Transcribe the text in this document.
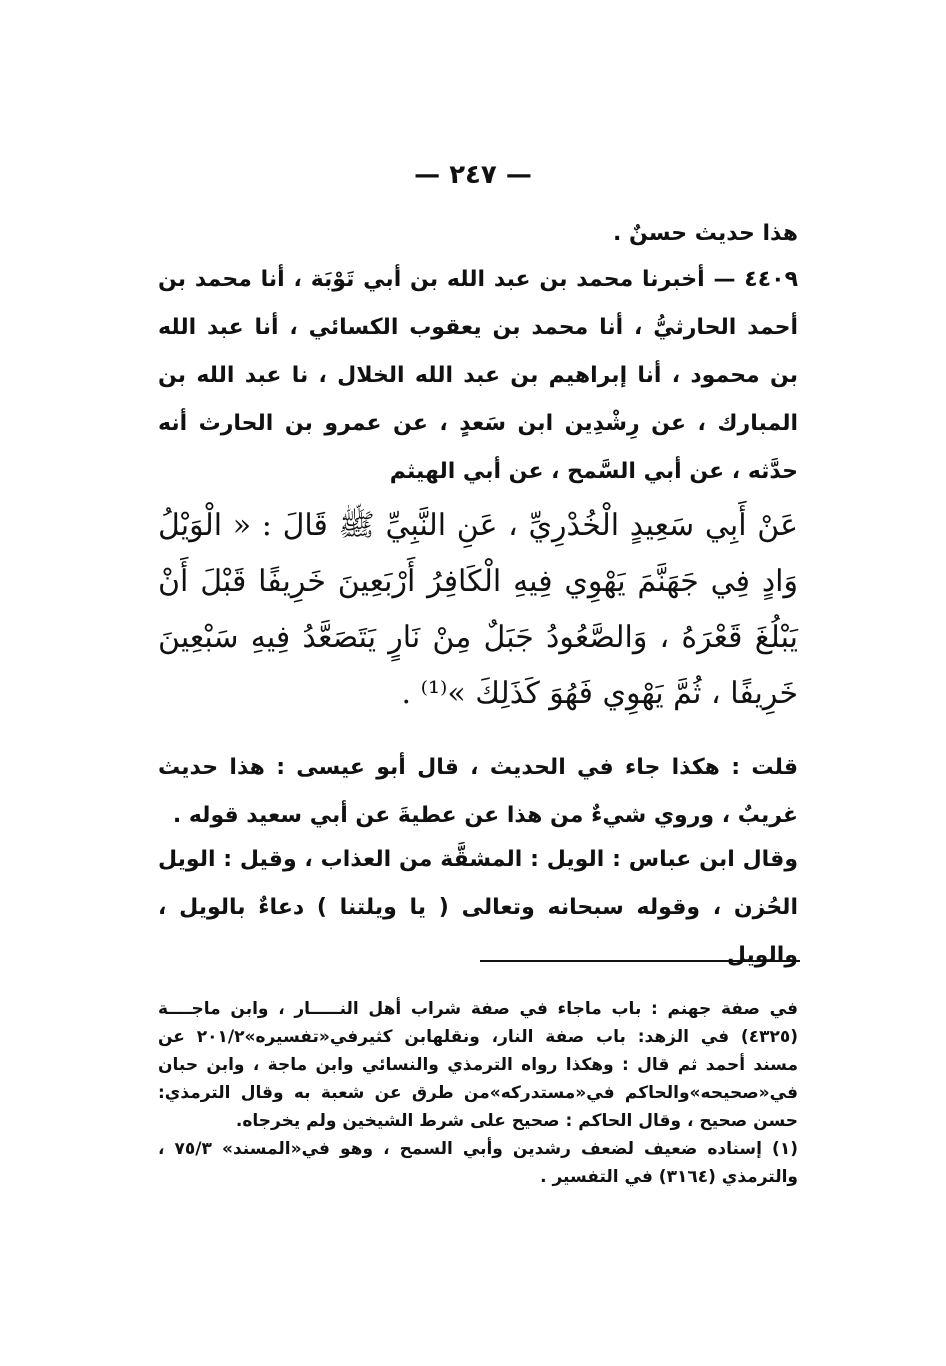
— ٢٤٧ —

هذا حديث حسنٌ .

٤٤٠٩ — أخبرنا محمد بن عبد الله بن أبي تَوْبَة ، أنا محمد بن أحمد الحارثيُّ ، أنا محمد بن يعقوب الكسائي ، أنا عبد الله بن محمود ، أنا إبراهيم بن عبد الله الخلال ، نا عبد الله بن المبارك ، عن رِشْدِين ابن سَعدٍ ، عن عمرو بن الحارث أنه حدَّثه ، عن أبي السَّمح ، عن أبي الهيثم

عَنْ أَبِي سَعِيدٍ الْخُدْرِيِّ ، عَنِ النَّبِيِّ ﷺ قَالَ : « الْوَيْلُ وَادٍ فِي جَهَنَّمَ يَهْوِي فِيهِ الْكَافِرُ أَرْبَعِينَ خَرِيفًا قَبْلَ أَنْ يَبْلُغَ قَعْرَهُ ، وَالصَّعُودُ جَبَلٌ مِنْ نَارٍ يَتَصَعَّدُ فِيهِ سَبْعِينَ خَرِيفًا ، ثُمَّ يَهْوِي فَهُوَ كَذَلِكَ »⁽¹⁾ .

قلت : هكذا جاء في الحديث ، قال أبو عيسى : هذا حديث غريبٌ ، وروي شيءٌ من هذا عن عطيةَ عن أبي سعيد قوله .

وقال ابن عباس : الويل : المشقَّة من العذاب ، وقيل : الويل الحُزن ، وقوله سبحانه وتعالى ( يا ويلتنا ) دعاءٌ بالويل ، والويل

في صفة جهنم : باب ماجاء في صفة شراب أهل النـــــار ، وابن ماجــــة (٤٣٢٥) في الزهد: باب صفة النار، ونقلهابن كثيرفي«تفسيره»٢٠١/٢ عن مسند أحمد ثم قال : وهكذا رواه الترمذي والنسائي وابن ماجة ، وابن حبان في«صحيحه»والحاكم في«مستدركه»من طرق عن شعبة به وقال الترمذي: حسن صحيح ، وقال الحاكم : صحيح على شرط الشيخين ولم يخرجاه.

(١) إسناده ضعيف لضعف رشدين وأبي السمح ، وهو في«المسند» ٧٥/٣ ، والترمذي (٣١٦٤) في التفسير .
